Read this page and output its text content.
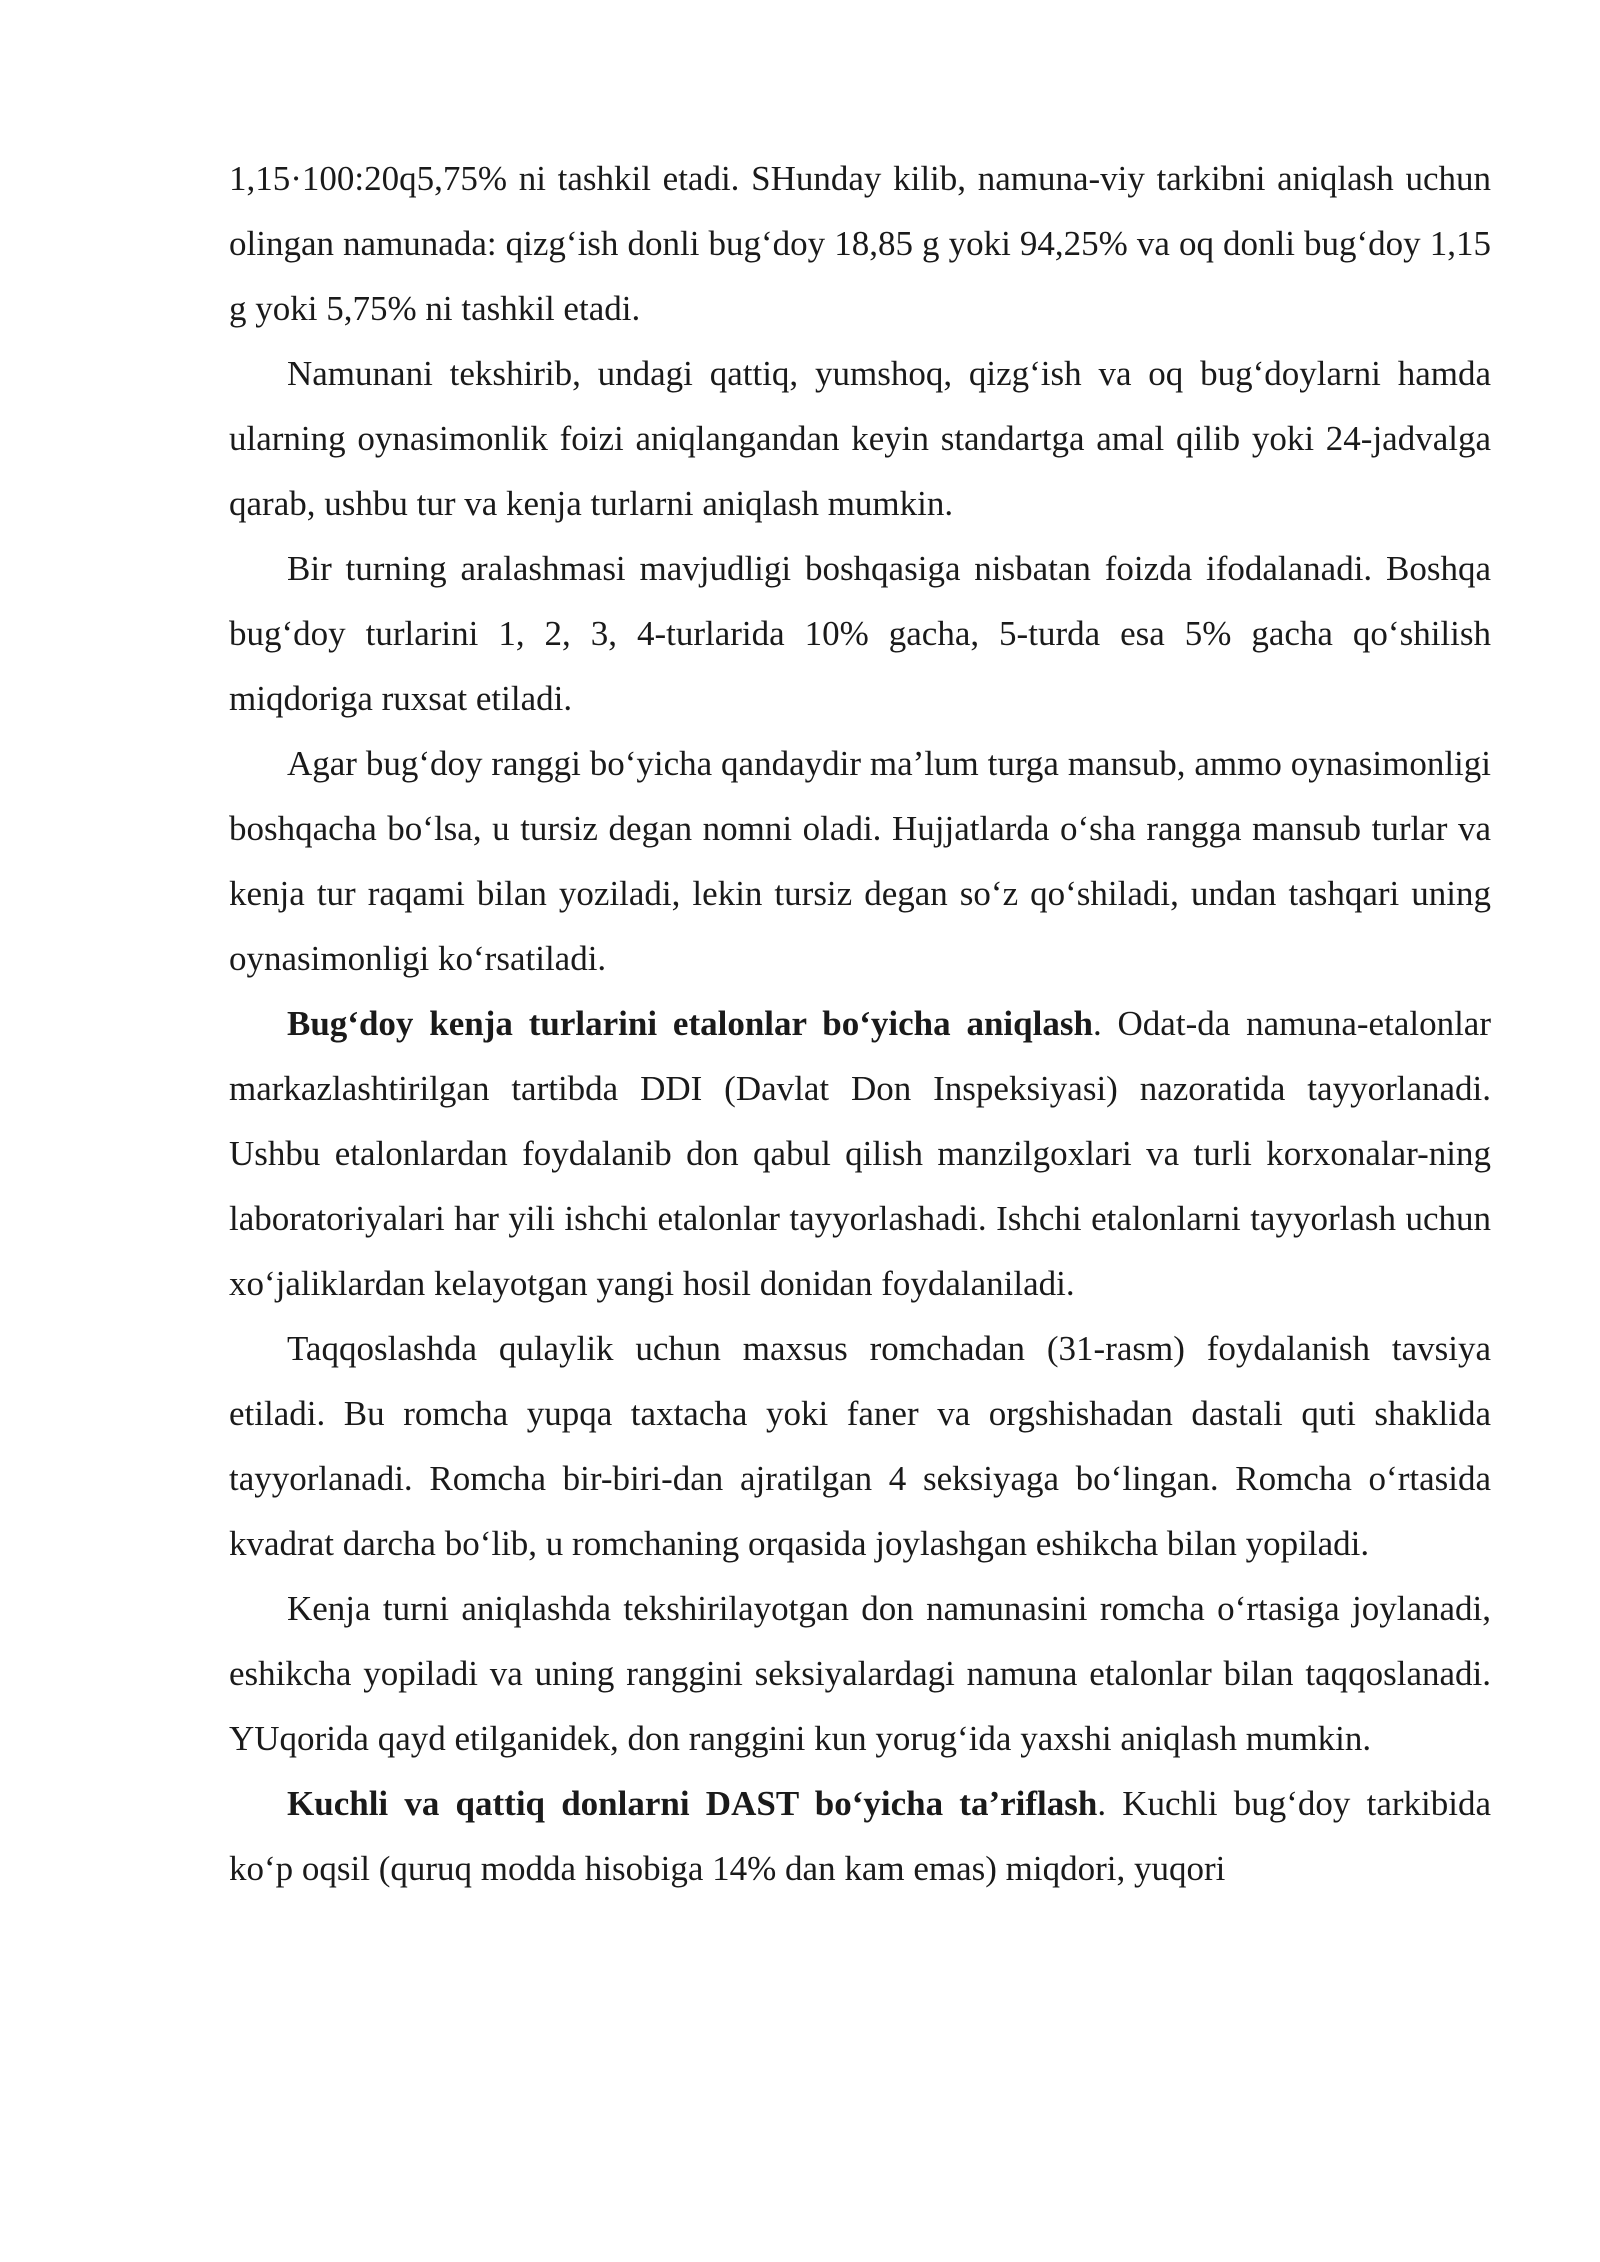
1,15·100:20q5,75% ni tashkil etadi. SHunday kilib, namuna-viy tarkibni aniqlash uchun olingan namunada: qizg‘ish donli bug‘doy 18,85 g yoki 94,25% va oq donli bug‘doy 1,15 g yoki 5,75% ni tashkil etadi.

Namunani tekshirib, undagi qattiq, yumshoq, qizg‘ish va oq bug‘doylarni hamda ularning oynasimonlik foizi aniqlangandan keyin standartga amal qilib yoki 24-jadvalga qarab, ushbu tur va kenja turlarni aniqlash mumkin.

Bir turning aralashmasi mavjudligi boshqasiga nisbatan foizda ifodalanadi. Boshqa bug‘doy turlarini 1, 2, 3, 4-turlarida 10% gacha, 5-turda esa 5% gacha qo‘shilish miqdoriga ruxsat etiladi.

Agar bug‘doy ranggi bo‘yicha qandaydir ma’lum turga mansub, ammo oynasimonligi boshqacha bo‘lsa, u tursiz degan nomni oladi. Hujjatlarda o‘sha rangga mansub turlar va kenja tur raqami bilan yoziladi, lekin tursiz degan so‘z qo‘shiladi, undan tashqari uning oynasimonligi ko‘rsatiladi.

Bug‘doy kenja turlarini etalonlar bo‘yicha aniqlash. Odat-da namuna-etalonlar markazlashtirilgan tartibda DDI (Davlat Don Inspeksiyasi) nazoratida tayyorlanadi. Ushbu etalonlardan foydalanib don qabul qilish manzilgoxlari va turli korxonalar-ning laboratoriyalari har yili ishchi etalonlar tayyorlashadi. Ishchi etalonlarni tayyorlash uchun xo‘jaliklardan kelayotgan yangi hosil donidan foydalaniladi.

Taqqoslashda qulaylik uchun maxsus romchadan (31-rasm) foydalanish tavsiya etiladi. Bu romcha yupqa taxtacha yoki faner va orgshishadan dastali quti shaklida tayyorlanadi. Romcha bir-biri-dan ajratilgan 4 seksiyaga bo‘lingan. Romcha o‘rtasida kvadrat darcha bo‘lib, u romchaning orqasida joylashgan eshikcha bilan yopiladi.

Kenja turni aniqlashda tekshirilayotgan don namunasini romcha o‘rtasiga joylanadi, eshikcha yopiladi va uning ranggini seksiyalardagi namuna etalonlar bilan taqqoslanadi. YUqorida qayd etilganidek, don ranggini kun yorug‘ida yaxshi aniqlash mumkin.

Kuchli va qattiq donlarni DAST bo‘yicha ta’riflash. Kuchli bug‘doy tarkibida ko‘p oqsil (quruq modda hisobiga 14% dan kam emas) miqdori, yuqori
